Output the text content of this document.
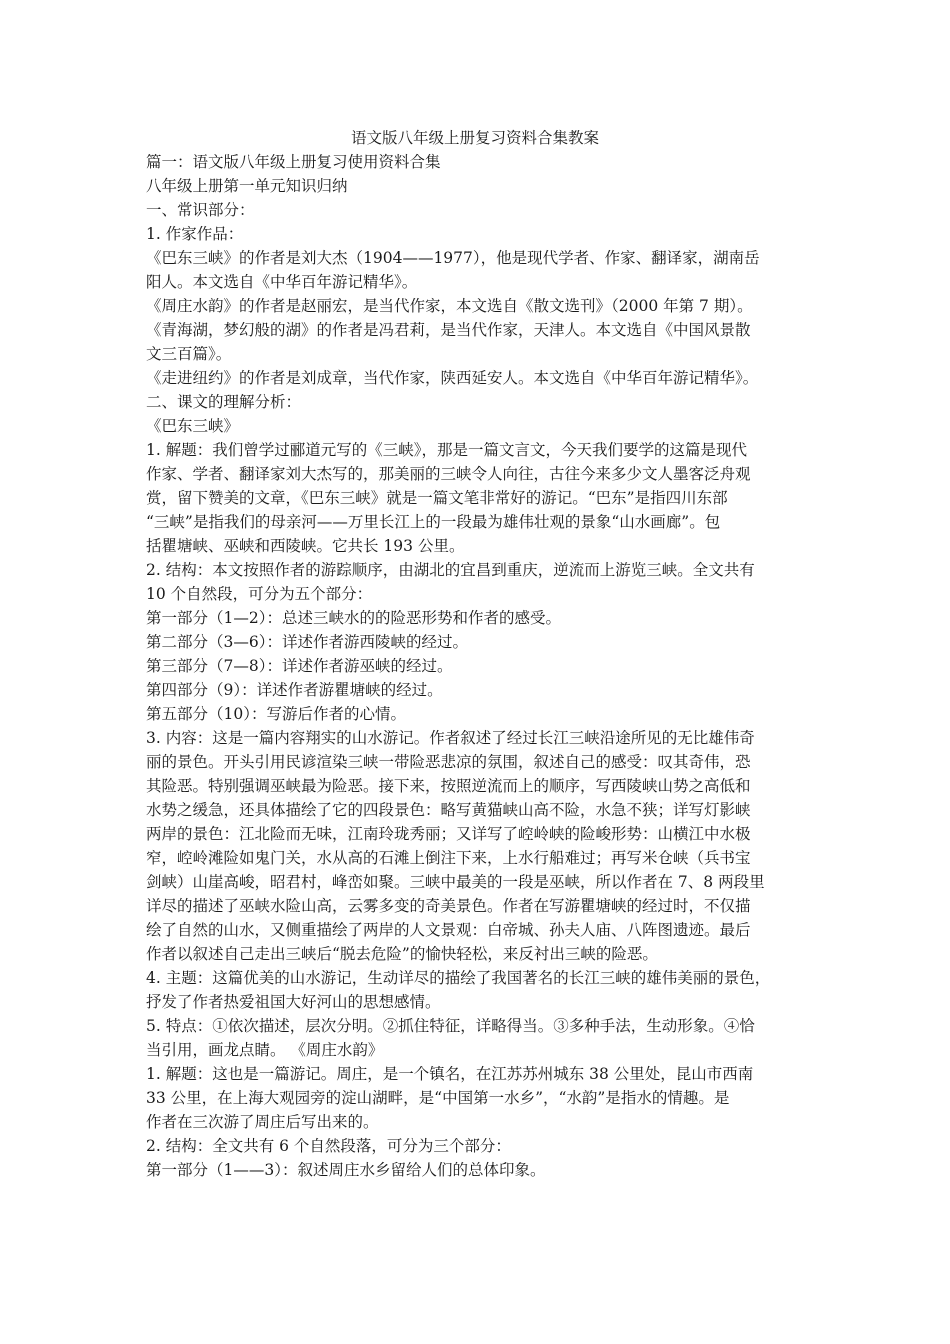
语文版八年级上册复习资料合集教案
篇一：语文版八年级上册复习使用资料合集
八年级上册第一单元知识归纳
一、常识部分：
1. 作家作品：
《巴东三峡》的作者是刘大杰（1904——1977），他是现代学者、作家、翻译家，湖南岳
阳人。本文选自《中华百年游记精华》。
《周庄水韵》的作者是赵丽宏，是当代作家，本文选自《散文选刊》（2000 年第 7 期）。
《青海湖，梦幻般的湖》的作者是冯君莉，是当代作家，天津人。本文选自《中国风景散
文三百篇》。
《走进纽约》的作者是刘成章，当代作家，陕西延安人。本文选自《中华百年游记精华》。
二、课文的理解分析：
《巴东三峡》
1. 解题：我们曾学过郦道元写的《三峡》，那是一篇文言文，今天我们要学的这篇是现代
作家、学者、翻译家刘大杰写的，那美丽的三峡令人向往，古往今来多少文人墨客泛舟观
赏，留下赞美的文章，《巴东三峡》就是一篇文笔非常好的游记。“巴东”是指四川东部
“三峡”是指我们的母亲河——万里长江上的一段最为雄伟壮观的景象“山水画廊”。包
括瞿塘峡、巫峡和西陵峡。它共长 193 公里。
2. 结构：本文按照作者的游踪顺序，由湖北的宜昌到重庆，逆流而上游览三峡。全文共有
10 个自然段，可分为五个部分：
第一部分（1—2）：总述三峡水的的险恶形势和作者的感受。
第二部分（3—6）：详述作者游西陵峡的经过。
第三部分（7—8）：详述作者游巫峡的经过。
第四部分（9）：详述作者游瞿塘峡的经过。
第五部分（10）：写游后作者的心情。
3. 内容：这是一篇内容翔实的山水游记。作者叙述了经过长江三峡沿途所见的无比雄伟奇
丽的景色。开头引用民谚渲染三峡一带险恶悲凉的氛围，叙述自己的感受：叹其奇伟，恐
其险恶。特别强调巫峡最为险恶。接下来，按照逆流而上的顺序，写西陵峡山势之高低和
水势之缓急，还具体描绘了它的四段景色：略写黄猫峡山高不险，水急不狭；详写灯影峡
两岸的景色：江北险而无味，江南玲珑秀丽；又详写了崆岭峡的险峻形势：山横江中水极
窄，崆岭滩险如鬼门关，水从高的石滩上倒注下来，上水行船难过；再写米仓峡（兵书宝
剑峡）山崖高峻，昭君村，峰峦如聚。三峡中最美的一段是巫峡，所以作者在 7、8 两段里
详尽的描述了巫峡水险山高，云雾多变的奇美景色。作者在写游瞿塘峡的经过时，不仅描
绘了自然的山水，又侧重描绘了两岸的人文景观：白帝城、孙夫人庙、八阵图遗迹。最后
作者以叙述自己走出三峡后“脱去危险”的愉快轻松，来反衬出三峡的险恶。
4. 主题：这篇优美的山水游记，生动详尽的描绘了我国著名的长江三峡的雄伟美丽的景色，
抒发了作者热爱祖国大好河山的思想感情。
5. 特点：①依次描述，层次分明。②抓住特征，详略得当。③多种手法，生动形象。④恰
当引用，画龙点睛。 《周庄水韵》
1. 解题：这也是一篇游记。周庄，是一个镇名，在江苏苏州城东 38 公里处，昆山市西南
33 公里，在上海大观园旁的淀山湖畔，是“中国第一水乡”，“水韵”是指水的情趣。是
作者在三次游了周庄后写出来的。
2. 结构：全文共有 6 个自然段落，可分为三个部分：
第一部分（1——3）：叙述周庄水乡留给人们的总体印象。
